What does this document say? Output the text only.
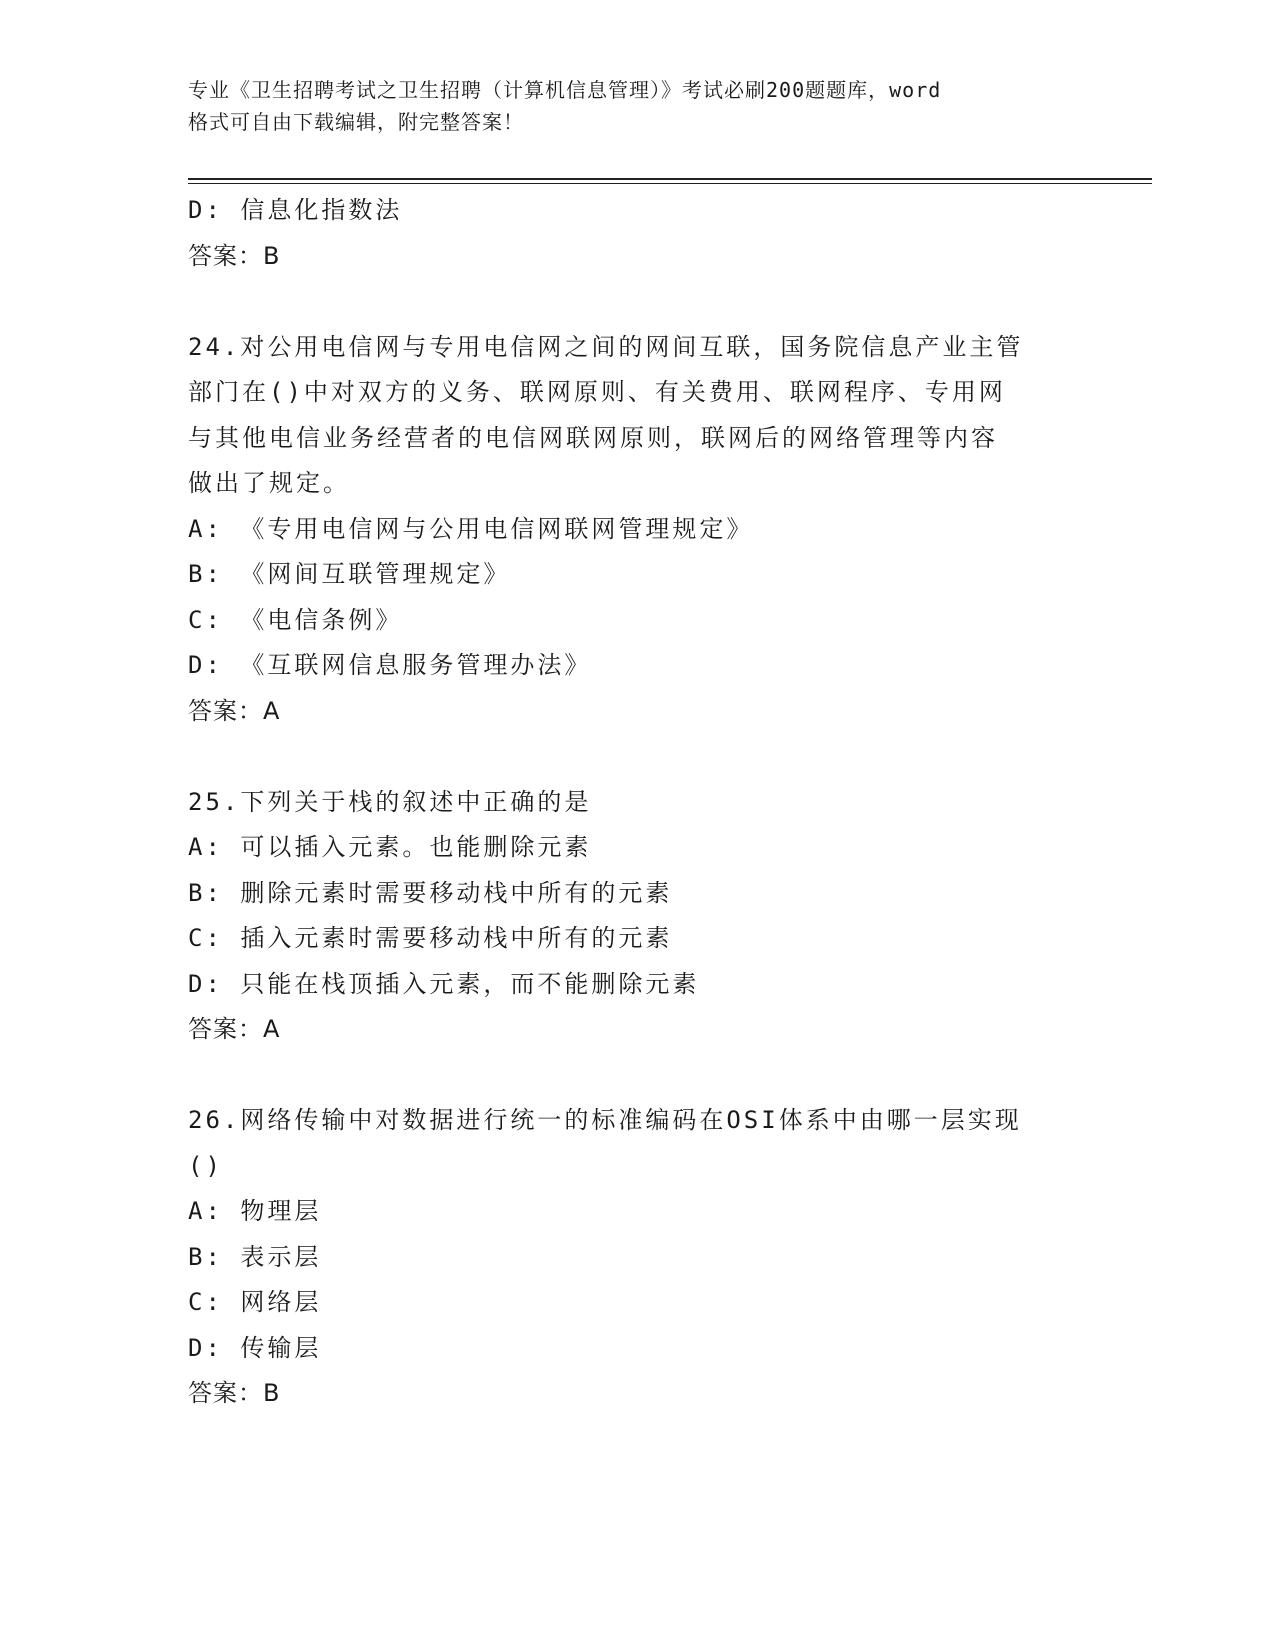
专业《卫生招聘考试之卫生招聘（计算机信息管理）》考试必刷200题题库，word
格式可自由下载编辑，附完整答案！
D: 信息化指数法
答案：B
24.对公用电信网与专用电信网之间的网间互联，国务院信息产业主管
部门在()中对双方的义务、联网原则、有关费用、联网程序、专用网
与其他电信业务经营者的电信网联网原则，联网后的网络管理等内容
做出了规定。
A: 《专用电信网与公用电信网联网管理规定》
B: 《网间互联管理规定》
C: 《电信条例》
D: 《互联网信息服务管理办法》
答案：A
25.下列关于栈的叙述中正确的是
A: 可以插入元素。也能删除元素
B: 删除元素时需要移动栈中所有的元素
C: 插入元素时需要移动栈中所有的元素
D: 只能在栈顶插入元素，而不能删除元素
答案：A
26.网络传输中对数据进行统一的标准编码在OSI体系中由哪一层实现
()
A: 物理层
B: 表示层
C: 网络层
D: 传输层
答案：B
